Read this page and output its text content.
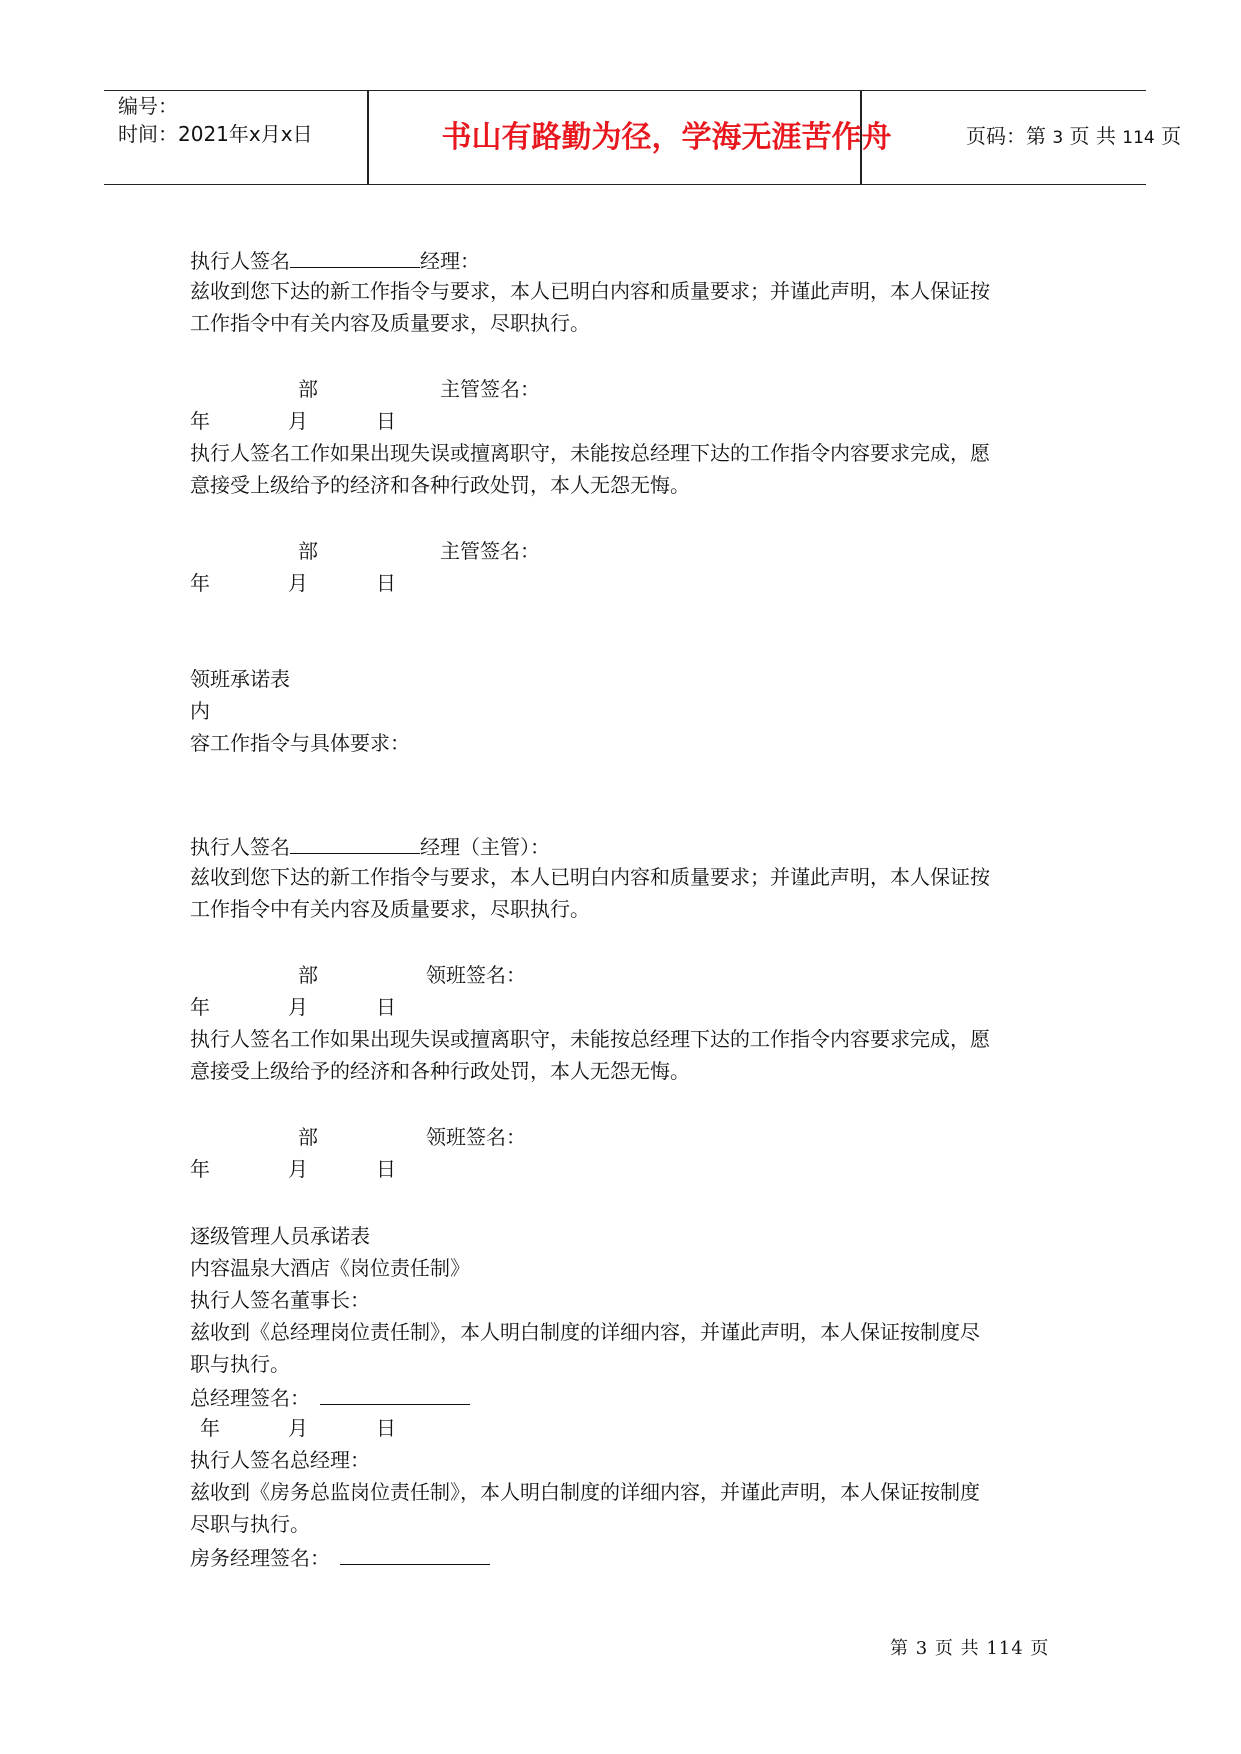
编号：
时间：2021年x月x日	书山有路勤为径，学海无涯苦作舟	页码：第 3 页 共 114 页
执行人签名	经理：
兹收到您下达的新工作指令与要求，本人已明白内容和质量要求；并谨此声明，本人保证按
工作指令中有关内容及质量要求，尽职执行。
部	主管签名：
年	月	日
执行人签名工作如果出现失误或擅离职守，未能按总经理下达的工作指令内容要求完成，愿
意接受上级给予的经济和各种行政处罚，本人无怨无悔。
部	主管签名：
年	月	日
领班承诺表
内
容工作指令与具体要求：
执行人签名	经理（主管）：
兹收到您下达的新工作指令与要求，本人已明白内容和质量要求；并谨此声明，本人保证按
工作指令中有关内容及质量要求，尽职执行。
部	领班签名：
年	月	日
执行人签名工作如果出现失误或擅离职守，未能按总经理下达的工作指令内容要求完成，愿
意接受上级给予的经济和各种行政处罚，本人无怨无悔。
部	领班签名：
年	月	日
逐级管理人员承诺表
内容温泉大酒店《岗位责任制》
执行人签名董事长：
兹收到《总经理岗位责任制》，本人明白制度的详细内容，并谨此声明，本人保证按制度尽
职与执行。
总经理签名：
年	月	日
执行人签名总经理：
兹收到《房务总监岗位责任制》，本人明白制度的详细内容，并谨此声明，本人保证按制度
尽职与执行。
房务经理签名：
第 3 页 共 114 页
